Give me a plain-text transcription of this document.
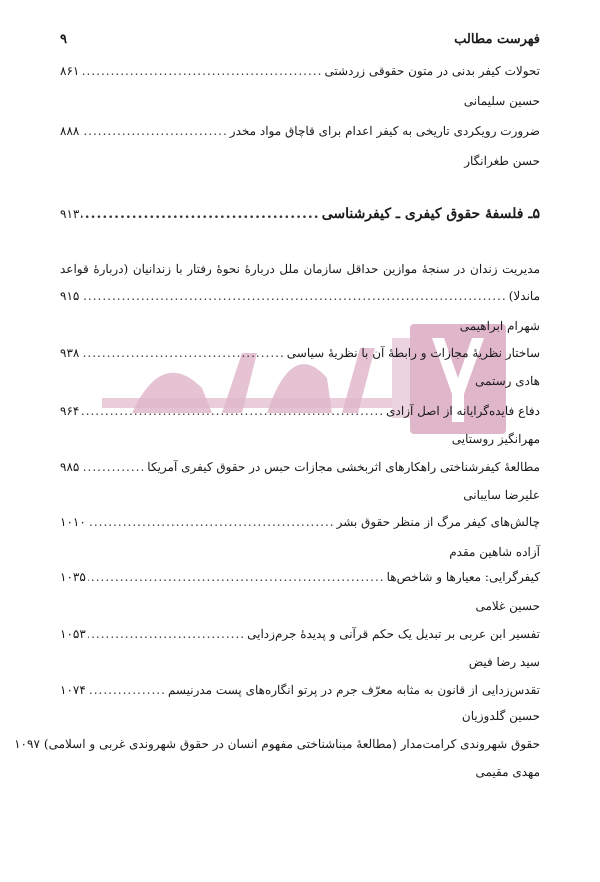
فهرست مطالب
۹
تحولات کیفر بدنی در متون حقوقی زردشتی
.....
۸۶۱
حسین سلیمانی
ضرورت رویکردی تاریخی به کیفر اعدام برای قاچاق مواد مخدر
.....
۸۸۸
حسن طغرانگار
۵ـ فلسفهٔ حقوق کیفری ـ کیفرشناسی
.....
۹۱۳
مدیریت زندان در سنجهٔ موازین حداقل سازمان ملل دربارهٔ نحوهٔ رفتار با زندانیان (دربارهٔ قواعد
ماندلا)
.....
۹۱۵
شهرام ابراهیمی
ساختار نظریهٔ مجازات و رابطهٔ آن با نظریهٔ سیاسی
.....
۹۳۸
هادی رستمی
دفاع فایده‌گرایانه از اصل آزادی
.....
۹۶۴
مهرانگیز روستایی
مطالعهٔ کیفرشناختی راهکارهای اثربخشی مجازات حبس در حقوق کیفری آمریکا
.....
۹۸۵
علیرضا سایبانی
چالش‌های کیفر مرگ از منظر حقوق بشر
.....
۱۰۱۰
آزاده شاهین مقدم
کیفرگرایی: معیارها و شاخص‌ها
.....
۱۰۳۵
حسین غلامی
تفسیر ابن عربی بر تبدیل یک حکم قرآنی و پدیدهٔ جرم‌زدایی
.....
۱۰۵۳
سید رضا فیض
تقدس‌زدایی از قانون به مثابه معرّف جرم در پرتو انگاره‌های پست مدرنیسم
.....
۱۰۷۴
حسین گلدوزیان
حقوق شهروندی کرامت‌مدار (مطالعهٔ مبناشناختی مفهوم انسان در حقوق شهروندی غربی و اسلامی)
۱۰۹۷
مهدی مقیمی
